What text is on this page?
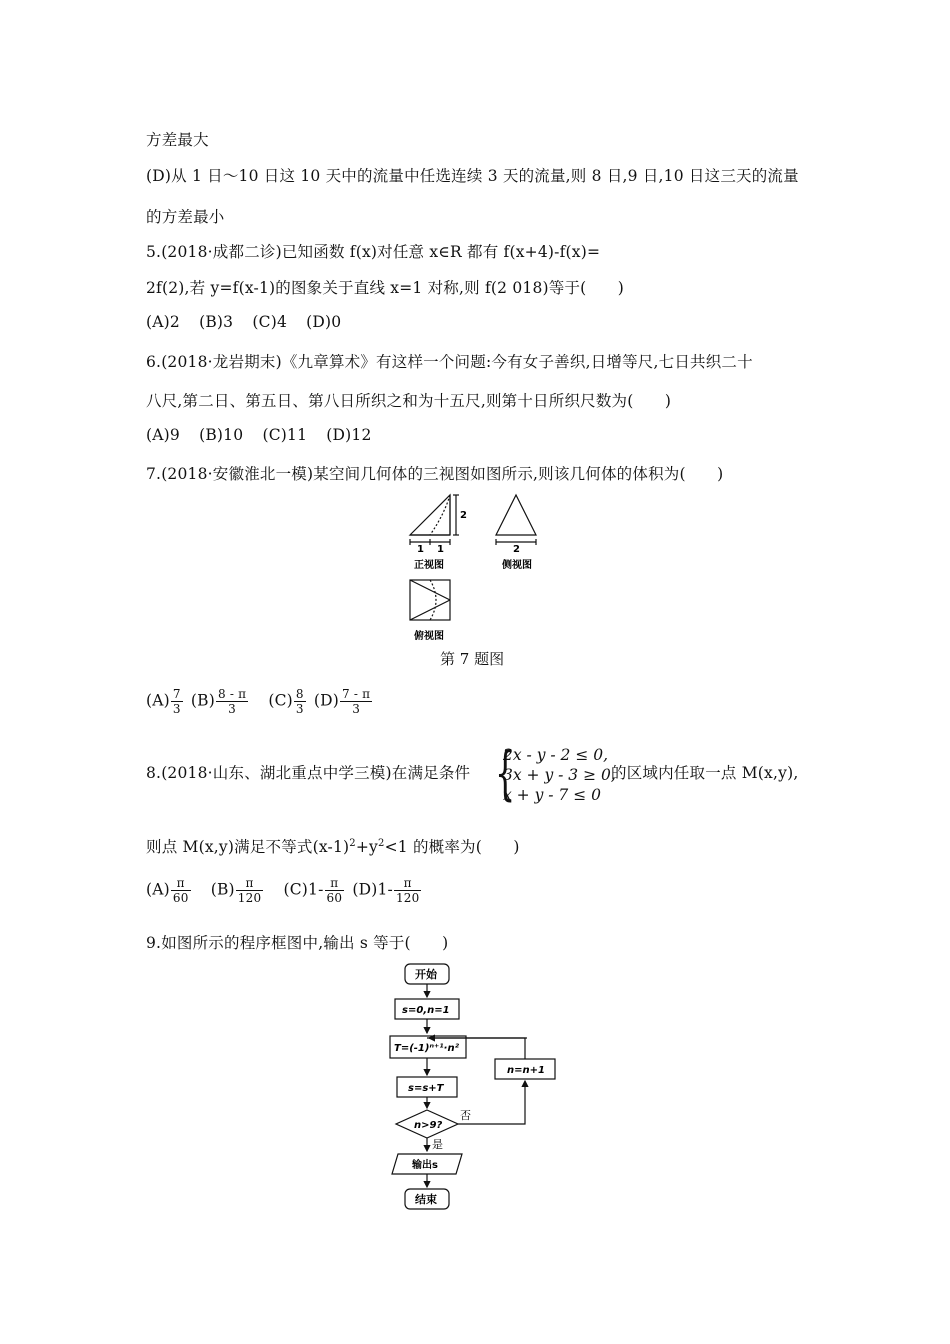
方差最大
(D)从 1 日～10 日这 10 天中的流量中任选连续 3 天的流量,则 8 日,9 日,10 日这三天的流量
的方差最小
5.(2018·成都二诊)已知函数 f(x)对任意 x∈R 都有 f(x+4)-f(x)=
2f(2),若 y=f(x-1)的图象关于直线 x=1 对称,则 f(2 018)等于(　　)
(A)2 (B)3 (C)4 (D)0
6.(2018·龙岩期末)《九章算术》有这样一个问题:今有女子善织,日增等尺,七日共织二十
八尺,第二日、第五日、第八日所织之和为十五尺,则第十日所织尺数为(　　)
(A)9 (B)10 (C)11 (D)12
7.(2018·安徽淮北一模)某空间几何体的三视图如图所示,则该几何体的体积为(　　)
1 1
2
正视图
2
侧视图
俯视图
第 7 题图
$(A) \frac{7}{3} (B) \frac{8 - \pi}{3} (C) \frac{8}{3} (D) \frac{7 - \pi}{3}$
8.(2018·山东、湖北重点中学三模)在满足条件 {
2x - y - 2 ≤ 0,
3x + y - 3 ≥ 0,
x + y - 7 ≤ 0
的区域内任取一点 M(x,y),
则点 M(x,y)满足不等式$(x-1)^2+y^2<1$ 的概率为(　　)
$(A) \frac{\pi}{60} (B) \frac{\pi}{120} (C)1- \frac{\pi}{60} (D)1- \frac{\pi}{120}$
9.如图所示的程序框图中,输出 s 等于(　　)
开始
s=0,n=1
T=(-1)ⁿ⁺¹·n²
s=s+T
n>9?
否
是
输出s
n=n+1
结束
